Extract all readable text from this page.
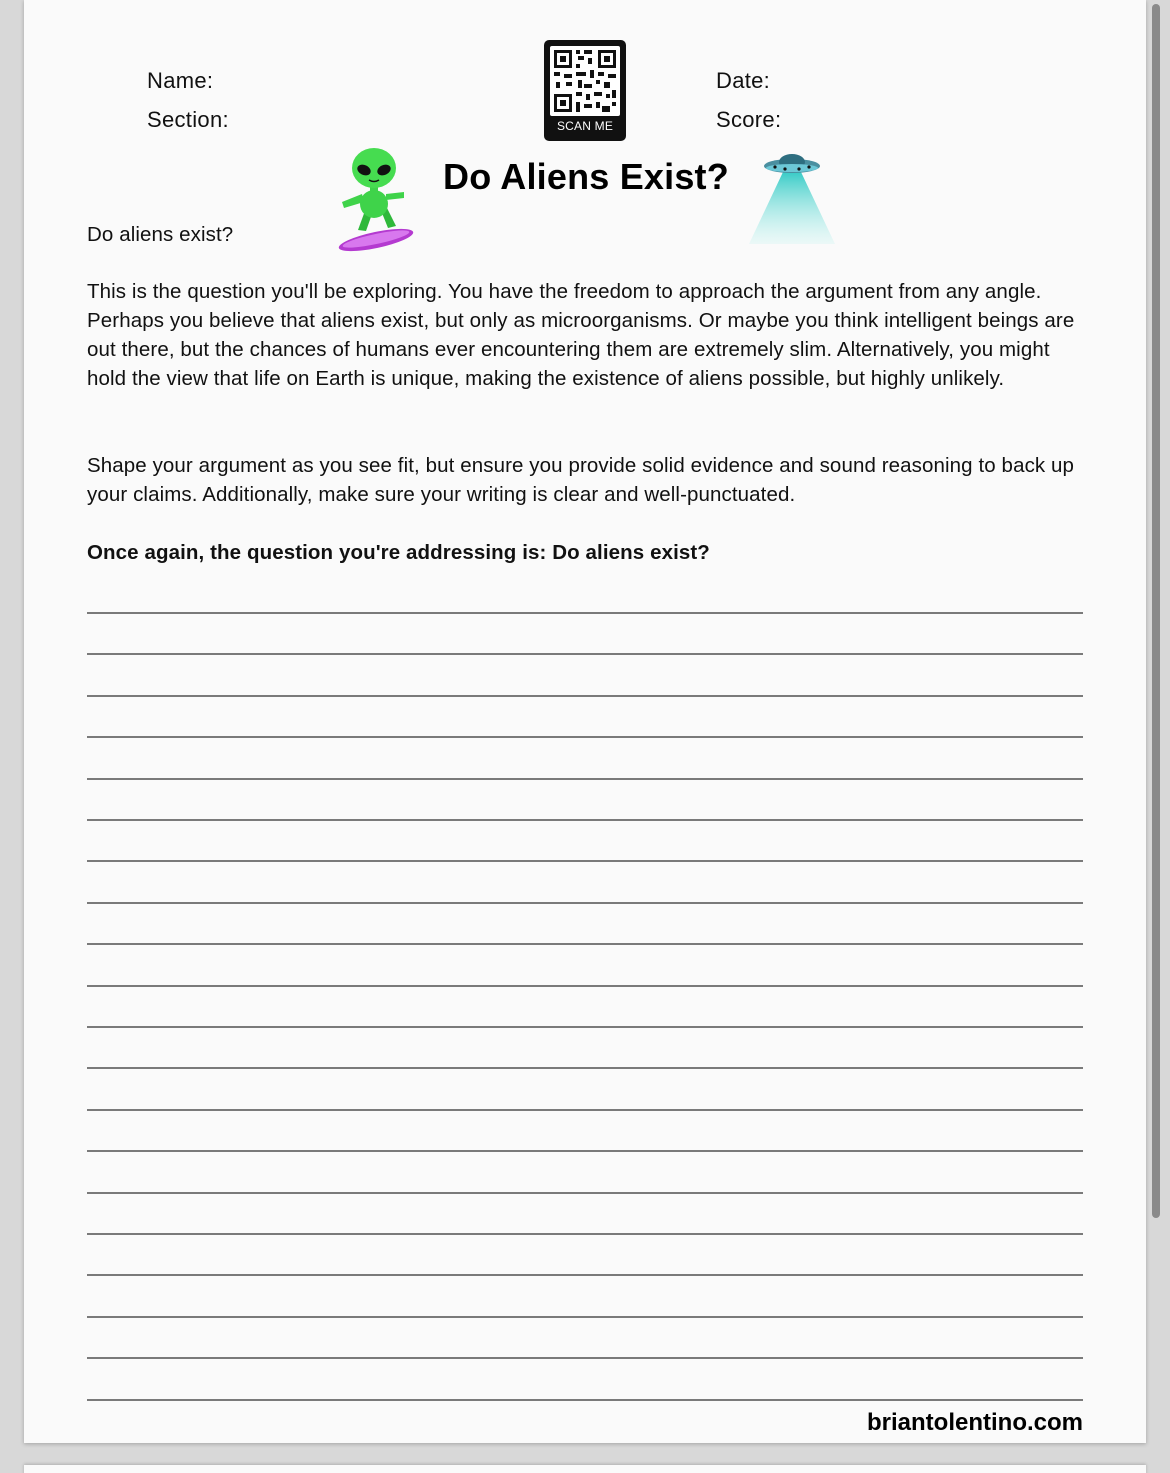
Name:
Section:
Date:
Score:
SCAN ME
Do Aliens Exist?

Do aliens exist?

This is the question you'll be exploring. You have the freedom to approach the argument from any angle. Perhaps you believe that aliens exist, but only as microorganisms. Or maybe you think intelligent beings are out there, but the chances of humans ever encountering them are extremely slim. Alternatively, you might hold the view that life on Earth is unique, making the existence of aliens possible, but highly unlikely.

Shape your argument as you see fit, but ensure you provide solid evidence and sound reasoning to back up your claims. Additionally, make sure your writing is clear and well-punctuated.

Once again, the question you're addressing is: Do aliens exist?

briantolentino.com
